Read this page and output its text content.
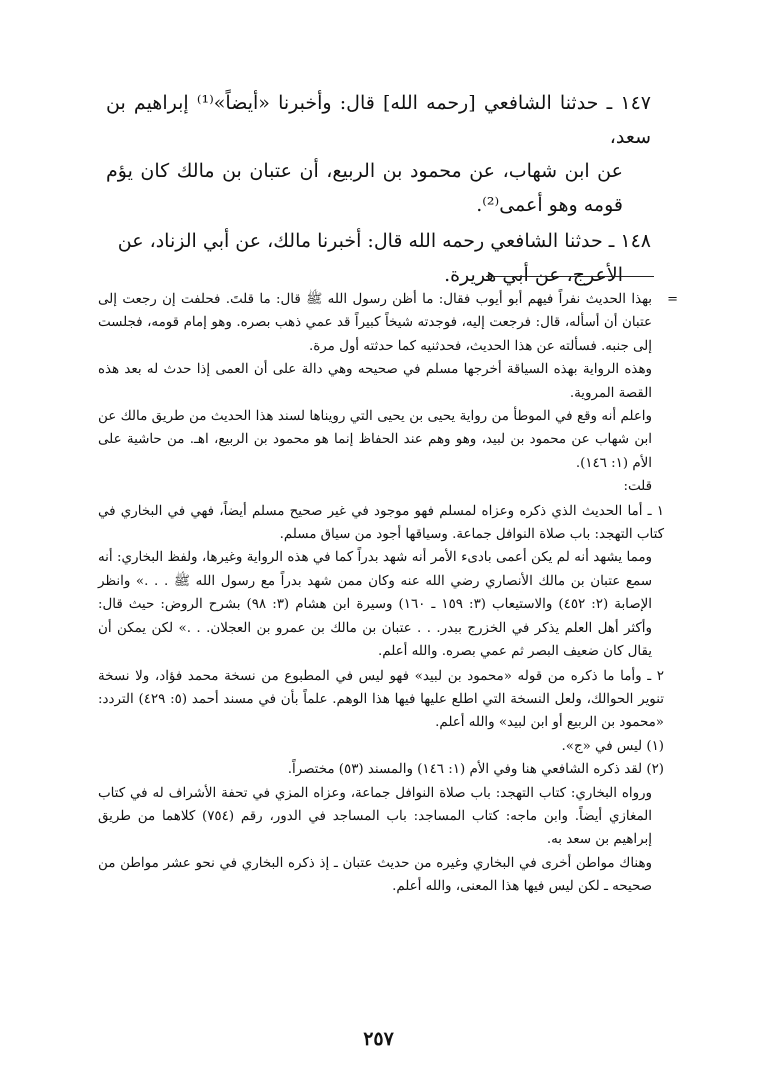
١٤٧ ـ حدثنا الشافعي [رحمه الله] قال: وأخبرنا «أيضاً»⁽¹⁾ إبراهيم بن سعد،
عن ابن شهاب، عن محمود بن الربيع، أن عتبان بن مالك كان يؤم قومه وهو أعمى⁽²⁾.

١٤٨ ـ حدثنا الشافعي رحمه الله قال: أخبرنا مالك، عن أبي الزناد، عن
الأعرج، عن أبي هريرة.

=

بهذا الحديث نفراً فيهم أبو أيوب فقال: ما أظن رسول الله ﷺ قال: ما قلتَ. فحلفت إن رجعت إلى عتبان أن أسأله، قال: فرجعت إليه، فوجدته شيخاً كبيراً قد عمي ذهب بصره. وهو إمام قومه، فجلست إلى جنبه. فسألته عن هذا الحديث، فحدثنيه كما حدثته أول مرة.

وهذه الرواية بهذه السياقة أخرجها مسلم في صحيحه وهي دالة على أن العمى إذا حدث له بعد هذه القصة المروية.

واعلم أنه وقع في الموطأ من رواية يحيى بن يحيى التي رويناها لسند هذا الحديث من طريق مالك عن ابن شهاب عن محمود بن لبيد، وهو وهم عند الحفاظ إنما هو محمود بن الربيع، اهـ. من حاشية على الأم (١: ١٤٦).

قلت:

١ ـ أما الحديث الذي ذكره وعزاه لمسلم فهو موجود في غير صحيح مسلم أيضاً، فهي في البخاري في كتاب التهجد: باب صلاة النوافل جماعة. وسياقها أجود من سياق مسلم.

ومما يشهد أنه لم يكن أعمى بادىء الأمر أنه شهد بدراً كما في هذه الرواية وغيرها، ولفظ البخاري: أنه سمع عتبان بن مالك الأنصاري رضي الله عنه وكان ممن شهد بدراً مع رسول الله ﷺ . . .» وانظر الإصابة (٢: ٤٥٢) والاستيعاب (٣: ١٥٩ ـ ١٦٠) وسيرة ابن هشام (٣: ٩٨) بشرح الروض: حيث قال: وأكثر أهل العلم يذكر في الخزرج ببدر. . . عتبان بن مالك بن عمرو بن العجلان. . .» لكن يمكن أن يقال كان ضعيف البصر ثم عمي بصره. والله أعلم.

٢ ـ وأما ما ذكره من قوله «محمود بن لبيد» فهو ليس في المطبوع من نسخة محمد فؤاد، ولا نسخة تنوير الحوالك، ولعل النسخة التي اطلع عليها فيها هذا الوهم. علماً بأن في مسند أحمد (٥: ٤٢٩) التردد: «محمود بن الربيع أو ابن لبيد» والله أعلم.

(١) ليس في «ج».

(٢) لقد ذكره الشافعي هنا وفي الأم (١: ١٤٦) والمسند (٥٣) مختصراً.

ورواه البخاري: كتاب التهجد: باب صلاة النوافل جماعة، وعزاه المزي في تحفة الأشراف له في كتاب المغازي أيضاً. وابن ماجه: كتاب المساجد: باب المساجد في الدور، رقم (٧٥٤) كلاهما من طريق إبراهيم بن سعد به.

وهناك مواطن أخرى في البخاري وغيره من حديث عتبان ـ إذ ذكره البخاري في نحو عشر مواطن من صحيحه ـ لكن ليس فيها هذا المعنى، والله أعلم.

٢٥٧
